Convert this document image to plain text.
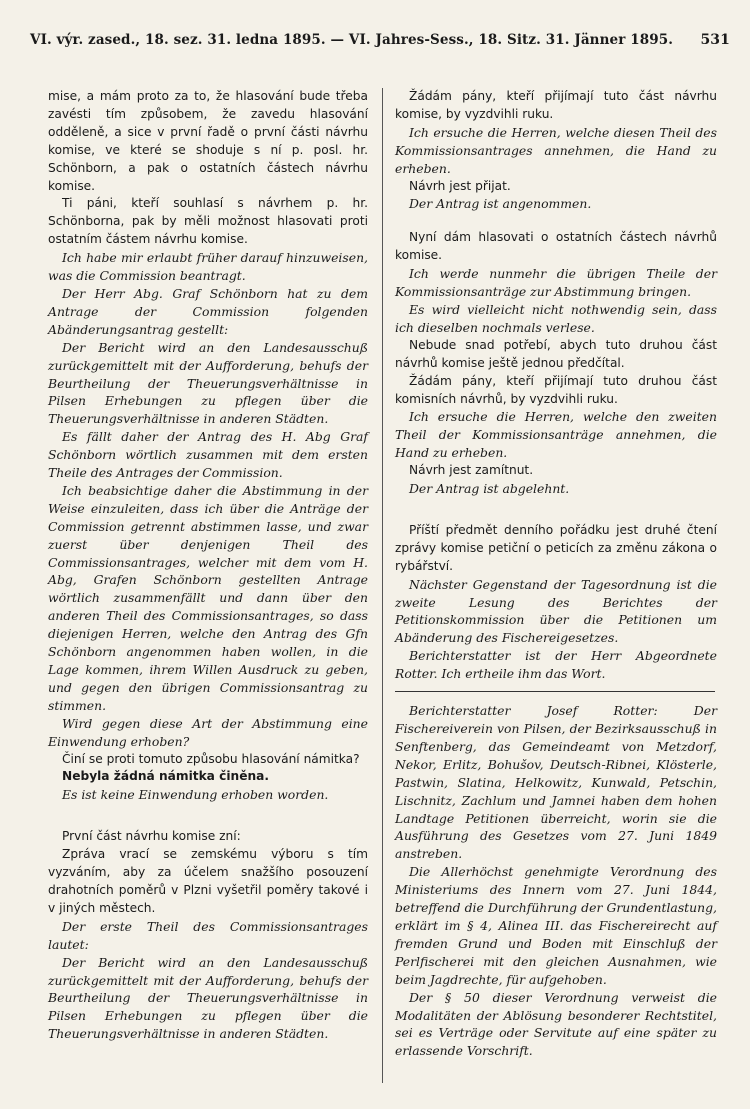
VI. výr. zased., 18. sez. 31. ledna 1895. — VI. Jahres-Sess., 18. Sitz. 31. Jänner 1895.	531

mise, a mám proto za to, že hlasování bude třeba zavésti tím způsobem, že zavedu hlasování odděleně, a sice v první řadě o první části návrhu komise, ve které se shoduje s ní p. posl. hr. Schönborn, a pak o ostatních částech návrhu komise.

Ti páni, kteří souhlasí s návrhem p. hr. Schönborna, pak by měli možnost hlasovati proti ostatním částem návrhu komise.

Ich habe mir erlaubt früher darauf hinzuweisen, was die Commission beantragt.

Der Herr Abg. Graf Schönborn hat zu dem Antrage der Commission folgenden Abänderungsantrag gestellt:

Der Bericht wird an den Landesausschuß zurückgemittelt mit der Aufforderung, behufs der Beurtheilung der Theuerungsverhältnisse in Pilsen Erhebungen zu pflegen über die Theuerungsverhältnisse in anderen Städten.

Es fällt daher der Antrag des H. Abg Graf Schönborn wörtlich zusammen mit dem ersten Theile des Antrages der Commission.

Ich beabsichtige daher die Abstimmung in der Weise einzuleiten, dass ich über die Anträge der Commission getrennt abstimmen lasse, und zwar zuerst über denjenigen Theil des Commissionsantrages, welcher mit dem vom H. Abg, Grafen Schönborn gestellten Antrage wörtlich zusammenfällt und dann über den anderen Theil des Commissionsantrages, so dass diejenigen Herren, welche den Antrag des Gfn Schönborn angenommen haben wollen, in die Lage kommen, ihrem Willen Ausdruck zu geben, und gegen den übrigen Commissionsantrag zu stimmen.

Wird gegen diese Art der Abstimmung eine Einwendung erhoben?

Činí se proti tomuto způsobu hlasování námitka?

Nebyla žádná námitka činěna.

Es ist keine Einwendung erhoben worden.

První část návrhu komise zní:

Zpráva vrací se zemskému výboru s tím vyzváním, aby za účelem snažšího posouzení drahotních poměrů v Plzni vyšetřil poměry takové i v jiných městech.

Der erste Theil des Commissionsantrages lautet:

Der Bericht wird an den Landesausschuß zurückgemittelt mit der Aufforderung, behufs der Beurtheilung der Theuerungsverhältnisse in Pilsen Erhebungen zu pflegen über die Theuerungsverhältnisse in anderen Städten.

Žádám pány, kteří přijímají tuto část návrhu komise, by vyzdvihli ruku.

Ich ersuche die Herren, welche diesen Theil des Kommissionsantrages annehmen, die Hand zu erheben.

Návrh jest přijat.

Der Antrag ist angenommen.

Nyní dám hlasovati o ostatních částech návrhů komise.

Ich werde nunmehr die übrigen Theile der Kommissionsanträge zur Abstimmung bringen.

Es wird vielleicht nicht nothwendig sein, dass ich dieselben nochmals verlese.

Nebude snad potřebí, abych tuto druhou část návrhů komise ještě jednou předčítal.

Žádám pány, kteří přijímají tuto druhou část komisních návrhů, by vyzdvihli ruku.

Ich ersuche die Herren, welche den zweiten Theil der Kommissionsanträge annehmen, die Hand zu erheben.

Návrh jest zamítnut.

Der Antrag ist abgelehnt.

Příští předmět denního pořádku jest druhé čtení zprávy komise petiční o peticích za změnu zákona o rybářství.

Nächster Gegenstand der Tagesordnung ist die zweite Lesung des Berichtes der Petitionskommission über die Petitionen um Abänderung des Fischereigesetzes.

Berichterstatter ist der Herr Abgeordnete Rotter. Ich ertheile ihm das Wort.

Berichterstatter Josef Rotter: Der Fischereiverein von Pilsen, der Bezirksausschuß in Senftenberg, das Gemeindeamt von Metzdorf, Nekor, Erlitz, Bohušov, Deutsch-Ribnei, Klösterle, Pastwin, Slatina, Helkowitz, Kunwald, Petschin, Lischnitz, Zachlum und Jamnei haben dem hohen Landtage Petitionen überreicht, worin sie die Ausführung des Gesetzes vom 27. Juni 1849 anstreben.

Die Allerhöchst genehmigte Verordnung des Ministeriums des Innern vom 27. Juni 1844, betreffend die Durchführung der Grundentlastung, erklärt im § 4, Alinea III. das Fischereirecht auf fremden Grund und Boden mit Einschluß der Perlfischerei mit den gleichen Ausnahmen, wie beim Jagdrechte, für aufgehoben.

Der § 50 dieser Verordnung verweist die Modalitäten der Ablösung besonderer Rechtstitel, sei es Verträge oder Servitute auf eine später zu erlassende Vorschrift.
